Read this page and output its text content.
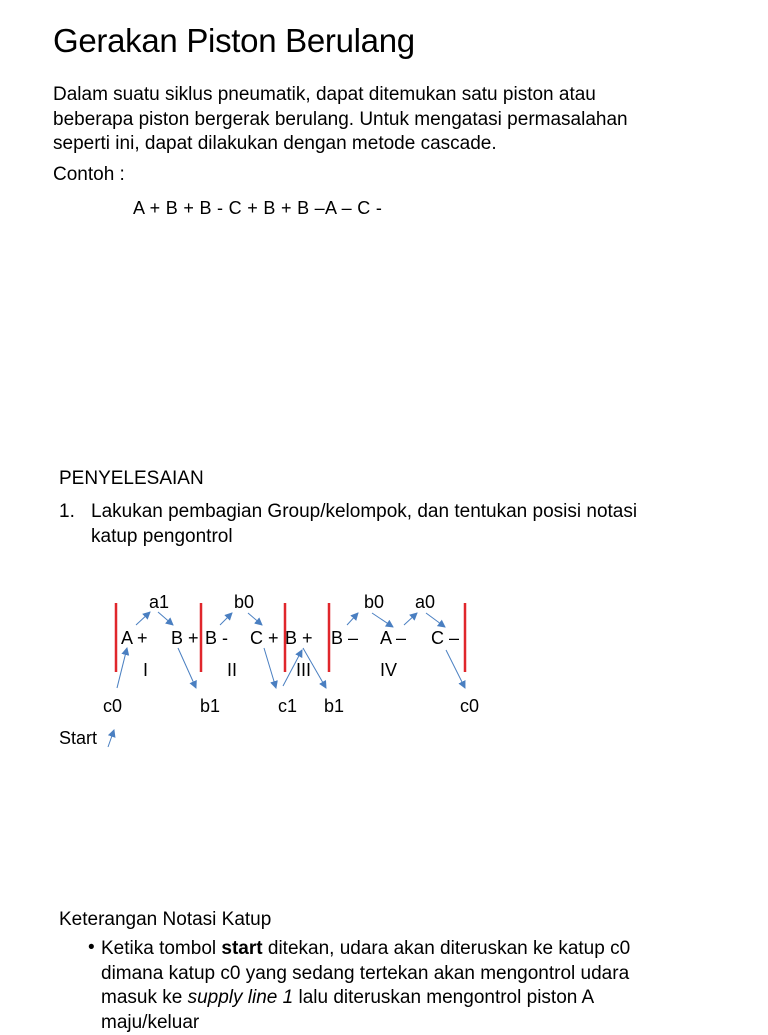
Gerakan Piston Berulang
Dalam suatu siklus pneumatik, dapat ditemukan satu piston atau
beberapa piston bergerak berulang. Untuk mengatasi permasalahan
seperti ini, dapat dilakukan dengan metode cascade.
Contoh :
A + B + B - C + B + B –A – C -
PENYELESAIAN
1. Lakukan pembagian Group/kelompok, dan tentukan posisi notasi
katup pengontrol
a1	b0	b0 a0
A + B + B - C + B + B – A – C –
I	II	III	IV
c0	b1	c1 b1	c0
Start
Keterangan Notasi Katup
• Ketika tombol start ditekan, udara akan diteruskan ke katup c0
dimana katup c0 yang sedang tertekan akan mengontrol udara
masuk ke supply line 1 lalu diteruskan mengontrol piston A
maju/keluar
